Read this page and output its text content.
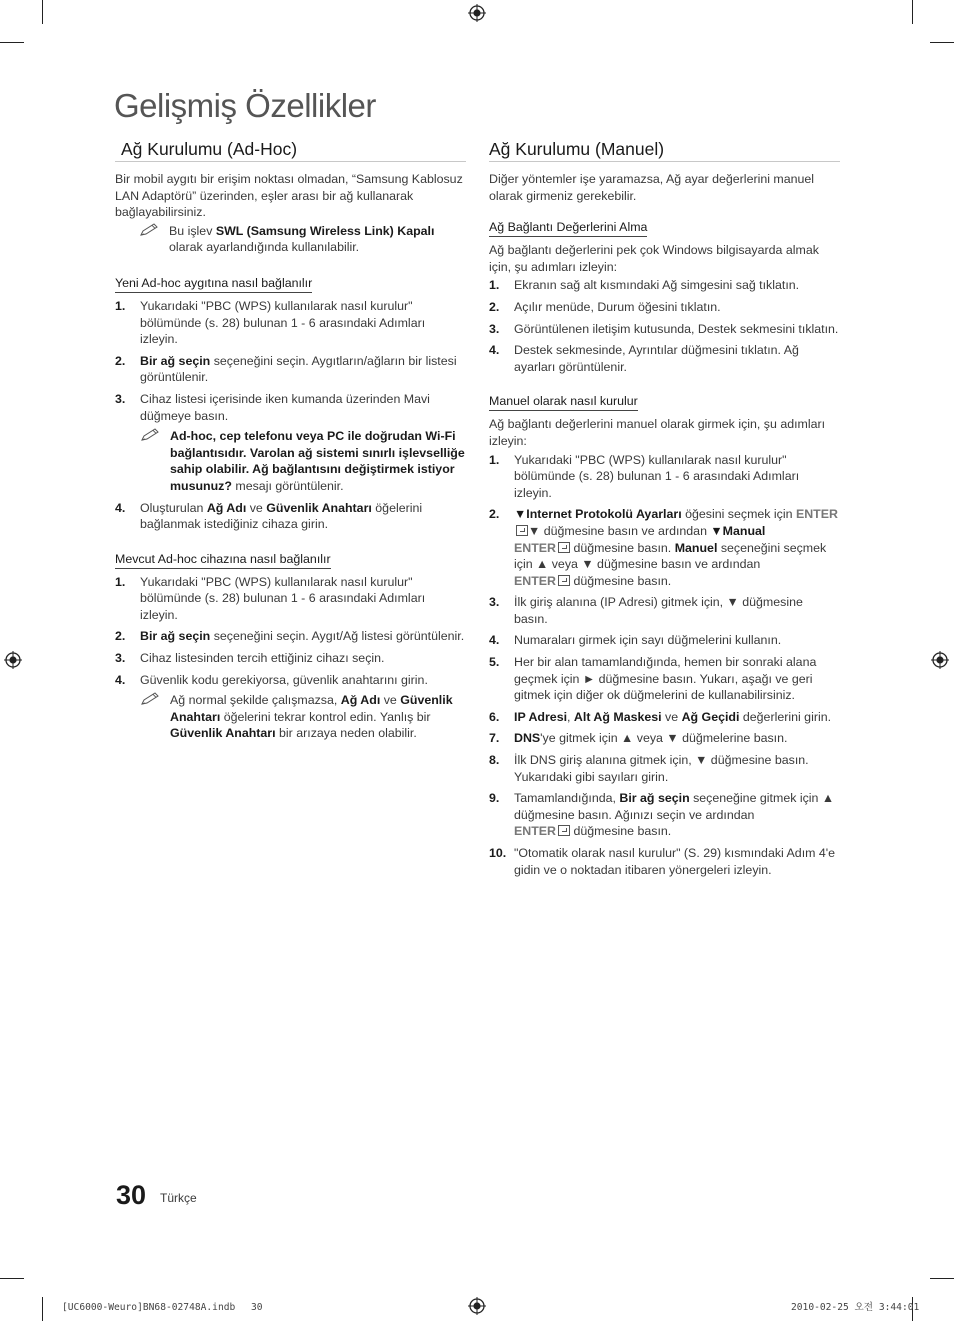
Gelişmiş Özellikler
Ağ Kurulumu (Ad-Hoc)

Bir mobil aygıtı bir erişim noktası olmadan, “Samsung Kablosuz LAN Adaptörü” üzerinden, eşler arası bir ağ kullanarak bağlayabilirsiniz.

Bu işlev SWL (Samsung Wireless Link) Kapalı olarak ayarlandığında kullanılabilir.
Yeni Ad-hoc aygıtına nasıl bağlanılır
1. Yukarıdaki "PBC (WPS) kullanılarak nasıl kurulur" bölümünde (s. 28) bulunan 1 - 6 arasındaki Adımları izleyin.
2. Bir ağ seçin seçeneğini seçin. Aygıtların/ağların bir listesi görüntülenir.
3. Cihaz listesi içerisinde iken kumanda üzerinden Mavi düğmeye basın.
Ad-hoc, cep telefonu veya PC ile doğrudan Wi-Fi bağlantısıdır. Varolan ağ sistemi sınırlı işlevselliğe sahip olabilir. Ağ bağlantısını değiştirmek istiyor musunuz? mesajı görüntülenir.
4. Oluşturulan Ağ Adı ve Güvenlik Anahtarı öğelerini bağlanmak istediğiniz cihaza girin.
Mevcut Ad-hoc cihazına nasıl bağlanılır
1. Yukarıdaki "PBC (WPS) kullanılarak nasıl kurulur" bölümünde (s. 28) bulunan 1 - 6 arasındaki Adımları izleyin.
2. Bir ağ seçin seçeneğini seçin. Aygıt/Ağ listesi görüntülenir.
3. Cihaz listesinden tercih ettiğiniz cihazı seçin.
4. Güvenlik kodu gerekiyorsa, güvenlik anahtarını girin.
Ağ normal şekilde çalışmazsa, Ağ Adı ve Güvenlik Anahtarı öğelerini tekrar kontrol edin. Yanlış bir Güvenlik Anahtarı bir arızaya neden olabilir.
Ağ Kurulumu (Manuel)

Diğer yöntemler işe yaramazsa, Ağ ayar değerlerini manuel olarak girmeniz gerekebilir.

Ağ Bağlantı Değerlerini Alma

Ağ bağlantı değerlerini pek çok Windows bilgisayarda almak için, şu adımları izleyin:

1. Ekranın sağ alt kısmındaki Ağ simgesini sağ tıklatın.
2. Açılır menüde, Durum öğesini tıklatın.
3. Görüntülenen iletişim kutusunda, Destek sekmesini tıklatın.
4. Destek sekmesinde, Ayrıntılar düğmesini tıklatın. Ağ ayarları görüntülenir.
Manuel olarak nasıl kurulur

Ağ bağlantı değerlerini manuel olarak girmek için, şu adımları izleyin:

1. Yukarıdaki "PBC (WPS) kullanılarak nasıl kurulur" bölümünde (s. 28) bulunan 1 - 6 arasındaki Adımları izleyin.
2. ▼Internet Protokolü Ayarları öğesini seçmek için ENTER▼ düğmesine basın ve ardından ▼Manual
ENTER düğmesine basın. Manuel seçeneğini seçmek için ▲ veya ▼ düğmesine basın ve ardından
ENTER düğmesine basın.
3. İlk giriş alanına (IP Adresi) gitmek için, ▼ düğmesine basın.
4. Numaraları girmek için sayı düğmelerini kullanın.
5. Her bir alan tamamlandığında, hemen bir sonraki alana geçmek için ► düğmesine basın. Yukarı, aşağı ve geri gitmek için diğer ok düğmelerini de kullanabilirsiniz.
6. IP Adresi, Alt Ağ Maskesi ve Ağ Geçidi değerlerini girin.
7. DNS'ye gitmek için ▲ veya ▼ düğmelerine basın.
8. İlk DNS giriş alanına gitmek için, ▼ düğmesine basın. Yukarıdaki gibi sayıları girin.
9. Tamamlandığında, Bir ağ seçin seçeneğine gitmek için ▲ düğmesine basın. Ağınızı seçin ve ardından
ENTER düğmesine basın.
10. "Otomatik olarak nasıl kurulur" (S. 29) kısmındaki Adım 4'e gidin ve o noktadan itibaren yönergeleri izleyin.
30 Türkçe
[UC6000-Weuro]BN68-02748A.indb 30	2010-02-25 오전 3:44:01
